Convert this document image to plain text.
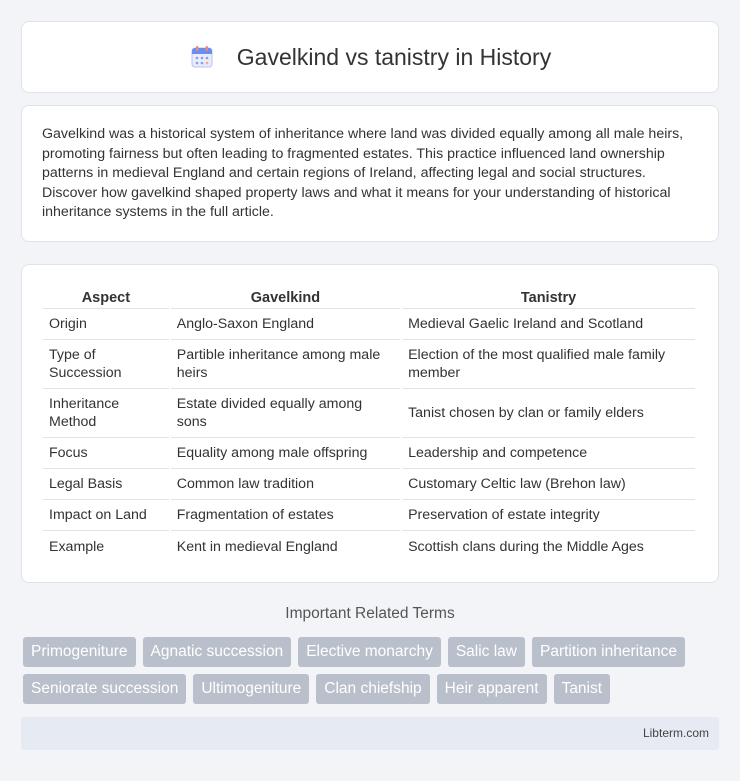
Gavelkind vs tanistry in History

Gavelkind was a historical system of inheritance where land was divided equally among all male heirs, promoting fairness but often leading to fragmented estates. This practice influenced land ownership patterns in medieval England and certain regions of Ireland, affecting legal and social structures. Discover how gavelkind shaped property laws and what it means for your understanding of historical inheritance systems in the full article.

Aspect	Gavelkind	Tanistry
Origin	Anglo-Saxon England	Medieval Gaelic Ireland and Scotland
Type of Succession	Partible inheritance among male heirs	Election of the most qualified male family member
Inheritance Method	Estate divided equally among sons	Tanist chosen by clan or family elders
Focus	Equality among male offspring	Leadership and competence
Legal Basis	Common law tradition	Customary Celtic law (Brehon law)
Impact on Land	Fragmentation of estates	Preservation of estate integrity
Example	Kent in medieval England	Scottish clans during the Middle Ages
Important Related Terms
Primogeniture	Agnatic succession	Elective monarchy	Salic law	Partition inheritance
Seniorate succession	Ultimogeniture	Clan chiefship	Heir apparent	Tanist
Libterm.com
